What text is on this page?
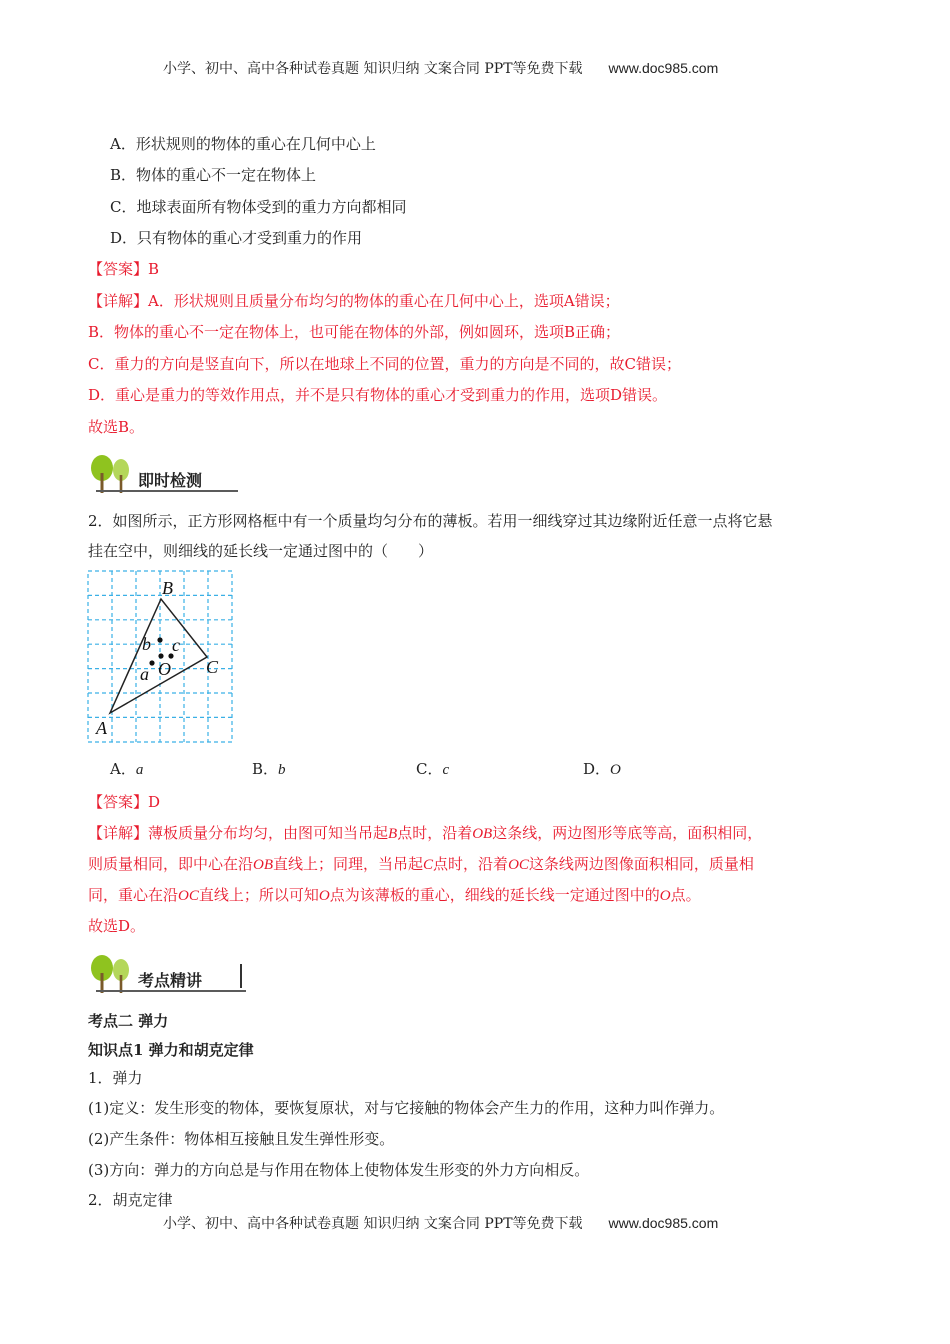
小学、初中、高中各种试卷真题 知识归纳 文案合同 PPT等免费下载 www.doc985.com
A．形状规则的物体的重心在几何中心上
B．物体的重心不一定在物体上
C．地球表面所有物体受到的重力方向都相同
D．只有物体的重心才受到重力的作用
【答案】B
【详解】A．形状规则且质量分布均匀的物体的重心在几何中心上，选项A错误；
B．物体的重心不一定在物体上，也可能在物体的外部，例如圆环，选项B正确；
C．重力的方向是竖直向下，所以在地球上不同的位置，重力的方向是不同的，故C错误；
D．重心是重力的等效作用点，并不是只有物体的重心才受到重力的作用，选项D错误。
故选B。
即时检测
2．如图所示，正方形网格框中有一个质量均匀分布的薄板。若用一细线穿过其边缘附近任意一点将它悬
挂在空中，则细线的延长线一定通过图中的（　　）
B
b c
O
a	C
A
A．a	B．b	C．c	D．O
【答案】D
【详解】薄板质量分布均匀，由图可知当吊起B点时，沿着OB这条线，两边图形等底等高，面积相同，
则质量相同，即中心在沿OB直线上；同理，当吊起C点时，沿着OC这条线两边图像面积相同，质量相
同，重心在沿OC直线上；所以可知O点为该薄板的重心，细线的延长线一定通过图中的O点。
故选D。
考点精讲
考点二 弹力
知识点1 弹力和胡克定律
1．弹力
(1)定义：发生形变的物体，要恢复原状，对与它接触的物体会产生力的作用，这种力叫作弹力。
(2)产生条件：物体相互接触且发生弹性形变。
(3)方向：弹力的方向总是与作用在物体上使物体发生形变的外力方向相反。
2．胡克定律
小学、初中、高中各种试卷真题 知识归纳 文案合同 PPT等免费下载 www.doc985.com
